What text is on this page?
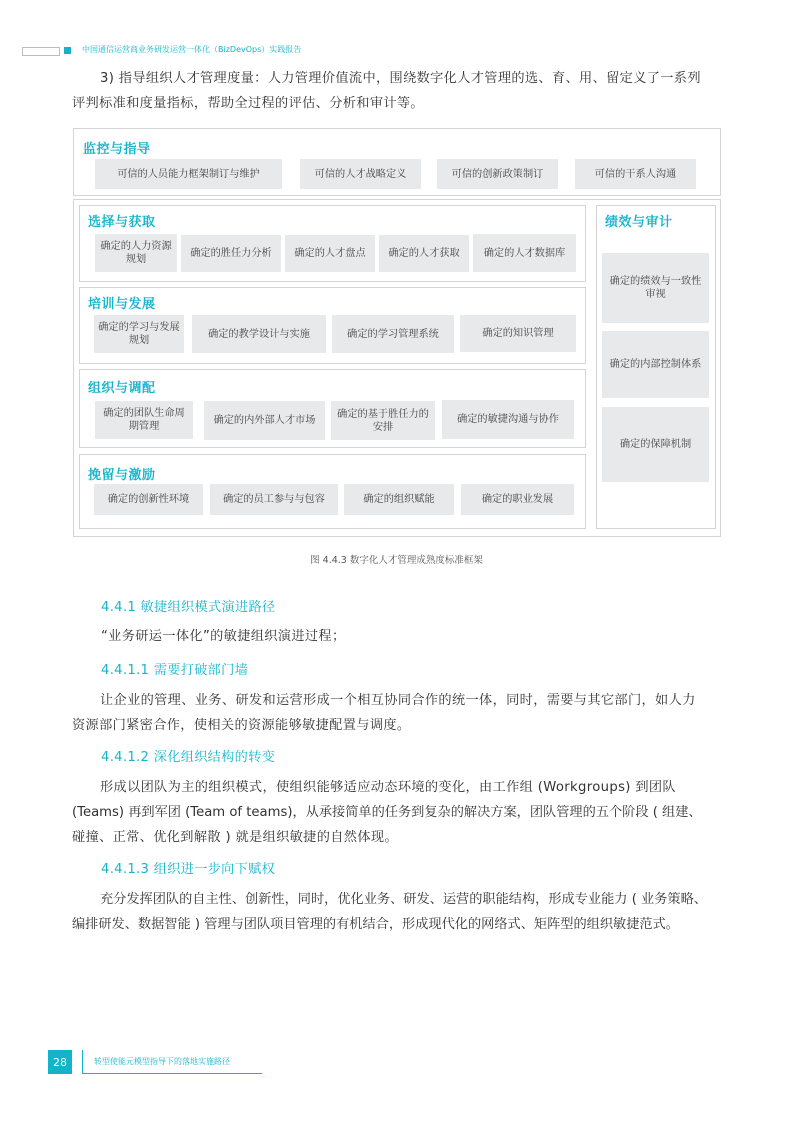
中国通信运营商业务研发运营一体化（BizDevOps）实践报告
3) 指导组织人才管理度量：人力管理价值流中，围绕数字化人才管理的选、育、用、留定义了一系列
评判标准和度量指标，帮助全过程的评估、分析和审计等。
监控与指导
可信的人员能力框架制订与维护	可信的人才战略定义	可信的创新政策制订	可信的干系人沟通
选择与获取
确定的人力资源规划
确定的胜任力分析	确定的人才盘点	确定的人才获取	确定的人才数据库
培训与发展
确定的学习与发展规划
确定的教学设计与实施	确定的学习管理系统	确定的知识管理
组织与调配
确定的团队生命周期管理
确定的内外部人才市场
确定的基于胜任力的安排
确定的敏捷沟通与协作
挽留与激励
确定的创新性环境	确定的员工参与与包容	确定的组织赋能	确定的职业发展
绩效与审计
确定的绩效与一致性审视
确定的内部控制体系
确定的保障机制
图 4.4.3 数字化人才管理成熟度标准框架
4.4.1 敏捷组织模式演进路径
“业务研运一体化”的敏捷组织演进过程；
4.4.1.1 需要打破部门墙
让企业的管理、业务、研发和运营形成一个相互协同合作的统一体，同时，需要与其它部门，如人力
资源部门紧密合作，使相关的资源能够敏捷配置与调度。
4.4.1.2 深化组织结构的转变
形成以团队为主的组织模式，使组织能够适应动态环境的变化，由工作组 (Workgroups) 到团队
(Teams) 再到军团 (Team of teams)，从承接简单的任务到复杂的解决方案，团队管理的五个阶段 ( 组建、
碰撞、正常、优化到解散 ) 就是组织敏捷的自然体现。
4.4.1.3 组织进一步向下赋权
充分发挥团队的自主性、创新性，同时，优化业务、研发、运营的职能结构，形成专业能力 ( 业务策略、
编排研发、数据智能 ) 管理与团队项目管理的有机结合，形成现代化的网络式、矩阵型的组织敏捷范式。
28	转型使能元模型指导下的落地实施路径
